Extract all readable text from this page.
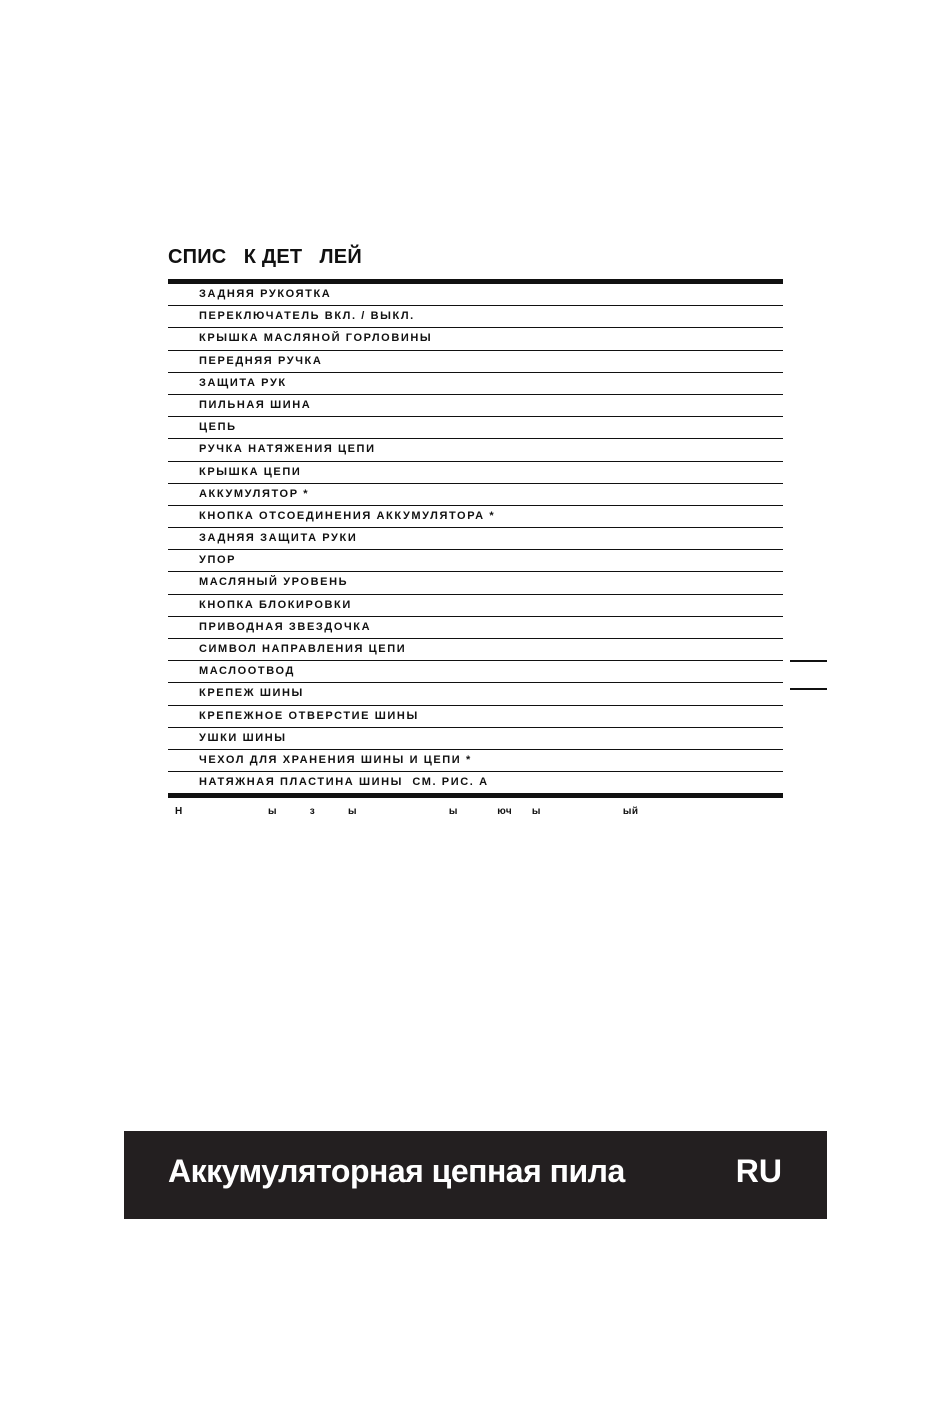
СПИС   К ДЕТ   ЛЕЙ
ЗАДНЯЯ РУКОЯТКА
ПЕРЕКЛЮЧАТЕЛЬ ВКЛ. / ВЫКЛ.
КРЫШКА МАСЛЯНОЙ ГОРЛОВИНЫ
ПЕРЕДНЯЯ РУЧКА
ЗАЩИТА РУК
ПИЛЬНАЯ ШИНА
ЦЕПЬ
РУЧКА НАТЯЖЕНИЯ ЦЕПИ
КРЫШКА ЦЕПИ
АККУМУЛЯТОР *
КНОПКА ОТСОЕДИНЕНИЯ АККУМУЛЯТОРА *
ЗАДНЯЯ ЗАЩИТА РУКИ
УПОР
МАСЛЯНЫЙ УРОВЕНЬ
КНОПКА БЛОКИРОВКИ
ПРИВОДНАЯ ЗВЕЗДОЧКА
СИМВОЛ НАПРАВЛЕНИЯ ЦЕПИ
МАСЛООТВОД
КРЕПЕЖ ШИНЫ
КРЕПЕЖНОЕ ОТВЕРСТИЕ ШИНЫ
УШКИ ШИНЫ
ЧЕХОЛ ДЛЯ ХРАНЕНИЯ ШИНЫ И ЦЕПИ *
НАТЯЖНАЯ ПЛАСТИНА ШИНЫ  СМ. РИС. А
Н                          ы          з          ы                            ы            юч      ы                         ый
Аккумуляторная цепная пила	RU
